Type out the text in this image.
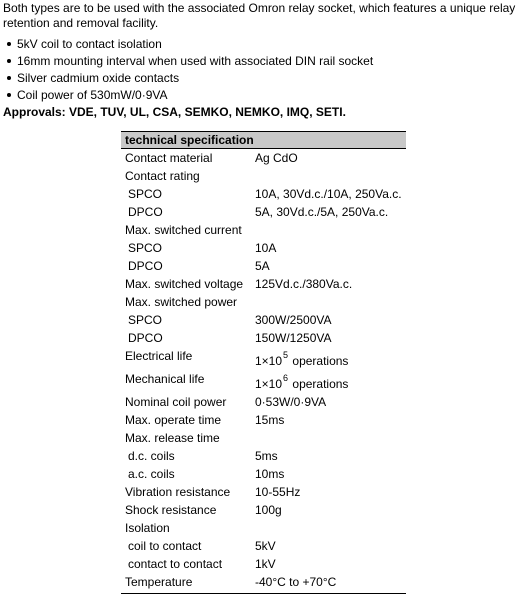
Both types are to be used with the associated Omron relay socket, which features a unique relay retention and removal facility.

5kV coil to contact isolation
16mm mounting interval when used with associated DIN rail socket
Silver cadmium oxide contacts
Coil power of 530mW/0·9VA

Approvals: VDE, TUV, UL, CSA, SEMKO, NEMKO, IMQ, SETI.

technical specification
Contact material	Ag CdO
Contact rating
SPCO	10A, 30Vd.c./10A, 250Va.c.
DPCO	5A, 30Vd.c./5A, 250Va.c.
Max. switched current
SPCO	10A
DPCO	5A
Max. switched voltage 125Vd.c./380Va.c.
Max. switched power
SPCO	300W/2500VA
DPCO	150W/1250VA
Electrical life	$1\times 10^5$ operations
Mechanical life	$1\times 10^6$ operations
Nominal coil power 0·53W/0·9VA
Max. operate time	15ms
Max. release time
d.c. coils	5ms
a.c. coils	10ms
Vibration resistance 10-55Hz
Shock resistance	100g
Isolation
coil to contact	5kV
contact to contact	1kV
Temperature	-40°C to +70°C
